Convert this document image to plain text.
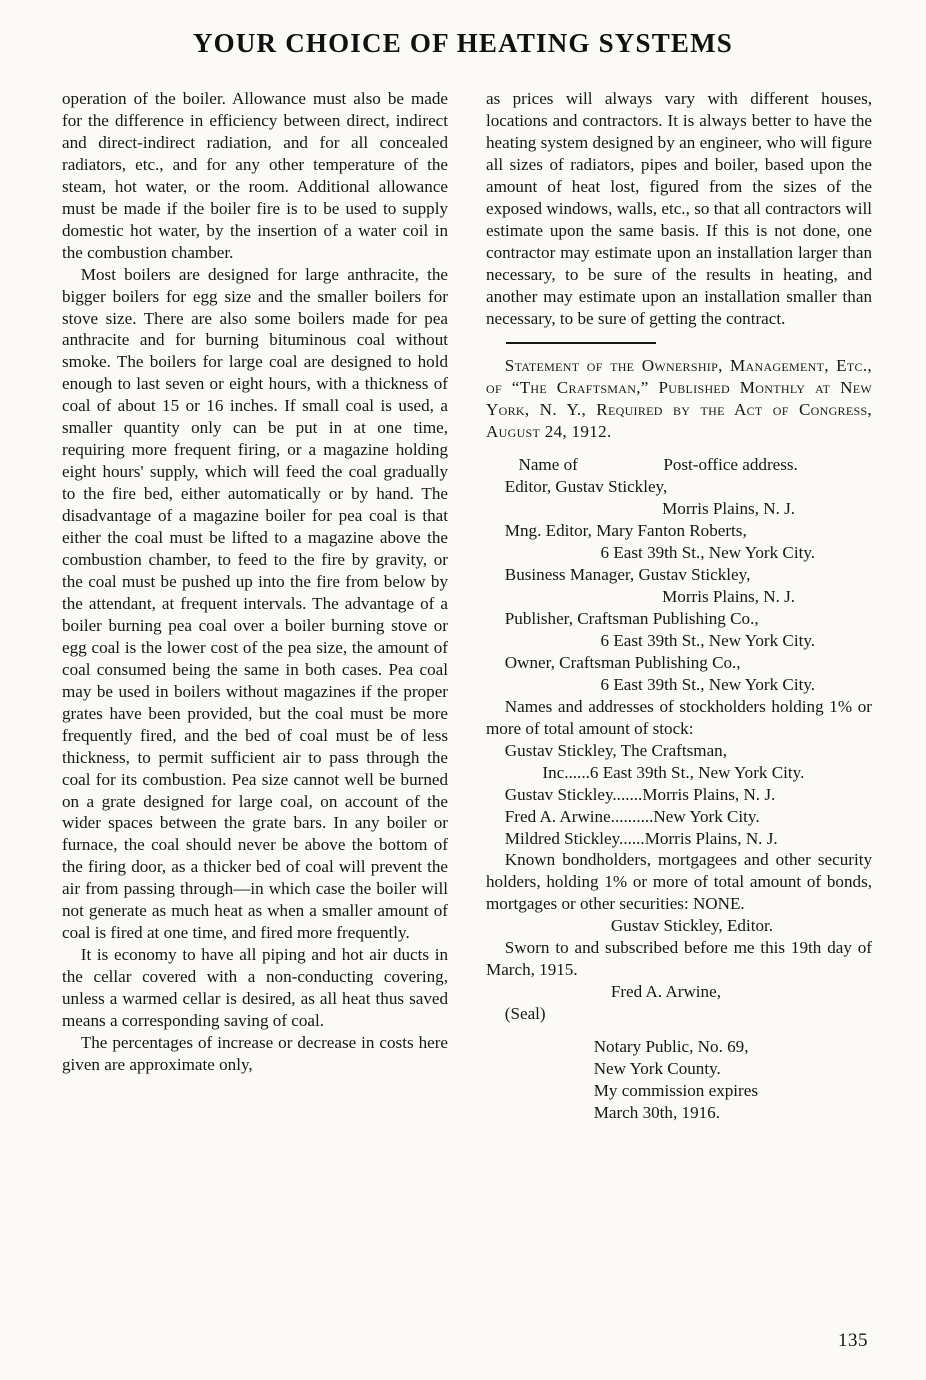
YOUR CHOICE OF HEATING SYSTEMS

operation of the boiler. Allowance must also be made for the difference in efficiency between direct, indirect and direct-indirect radiation, and for all concealed radiators, etc., and for any other temperature of the steam, hot water, or the room. Additional allowance must be made if the boiler fire is to be used to supply domestic hot water, by the insertion of a water coil in the combustion chamber.

Most boilers are designed for large anthracite, the bigger boilers for egg size and the smaller boilers for stove size. There are also some boilers made for pea anthracite and for burning bituminous coal without smoke. The boilers for large coal are designed to hold enough to last seven or eight hours, with a thickness of coal of about 15 or 16 inches. If small coal is used, a smaller quantity only can be put in at one time, requiring more frequent firing, or a magazine holding eight hours' supply, which will feed the coal gradually to the fire bed, either automatically or by hand. The disadvantage of a magazine boiler for pea coal is that either the coal must be lifted to a magazine above the combustion chamber, to feed to the fire by gravity, or the coal must be pushed up into the fire from below by the attendant, at frequent intervals. The advantage of a boiler burning pea coal over a boiler burning stove or egg coal is the lower cost of the pea size, the amount of coal consumed being the same in both cases. Pea coal may be used in boilers without magazines if the proper grates have been provided, but the coal must be more frequently fired, and the bed of coal must be of less thickness, to permit sufficient air to pass through the coal for its combustion. Pea size cannot well be burned on a grate designed for large coal, on account of the wider spaces between the grate bars. In any boiler or furnace, the coal should never be above the bottom of the firing door, as a thicker bed of coal will prevent the air from passing through—in which case the boiler will not generate as much heat as when a smaller amount of coal is fired at one time, and fired more frequently.

It is economy to have all piping and hot air ducts in the cellar covered with a non-conducting covering, unless a warmed cellar is desired, as all heat thus saved means a corresponding saving of coal.

The percentages of increase or decrease in costs here given are approximate only,

as prices will always vary with different houses, locations and contractors. It is always better to have the heating system designed by an engineer, who will figure all sizes of radiators, pipes and boiler, based upon the amount of heat lost, figured from the sizes of the exposed windows, walls, etc., so that all contractors will estimate upon the same basis. If this is not done, one contractor may estimate upon an installation larger than necessary, to be sure of the results in heating, and another may estimate upon an installation smaller than necessary, to be sure of getting the contract.

Statement of the Ownership, Management, Etc., of “The Craftsman,” Published Monthly at New York, N. Y., Required by the Act of Congress, August 24, 1912.

Name of	Post-office address.

Editor, Gustav Stickley,

Morris Plains, N. J.

Mng. Editor, Mary Fanton Roberts,

6 East 39th St., New York City.

Business Manager, Gustav Stickley,

Morris Plains, N. J.

Publisher, Craftsman Publishing Co.,

6 East 39th St., New York City.

Owner, Craftsman Publishing Co.,

6 East 39th St., New York City.

Names and addresses of stockholders holding 1% or more of total amount of stock:

Gustav Stickley, The Craftsman,

Inc......6 East 39th St., New York City.

Gustav Stickley.......Morris Plains, N. J.

Fred A. Arwine..........New York City.

Mildred Stickley......Morris Plains, N. J.

Known bondholders, mortgagees and other security holders, holding 1% or more of total amount of bonds, mortgages or other securities: NONE.

Gustav Stickley, Editor.

Sworn to and subscribed before me this 19th day of March, 1915.

Fred A. Arwine,

(Seal)

Notary Public, No. 69,

New York County.

My commission expires

March 30th, 1916.

135
